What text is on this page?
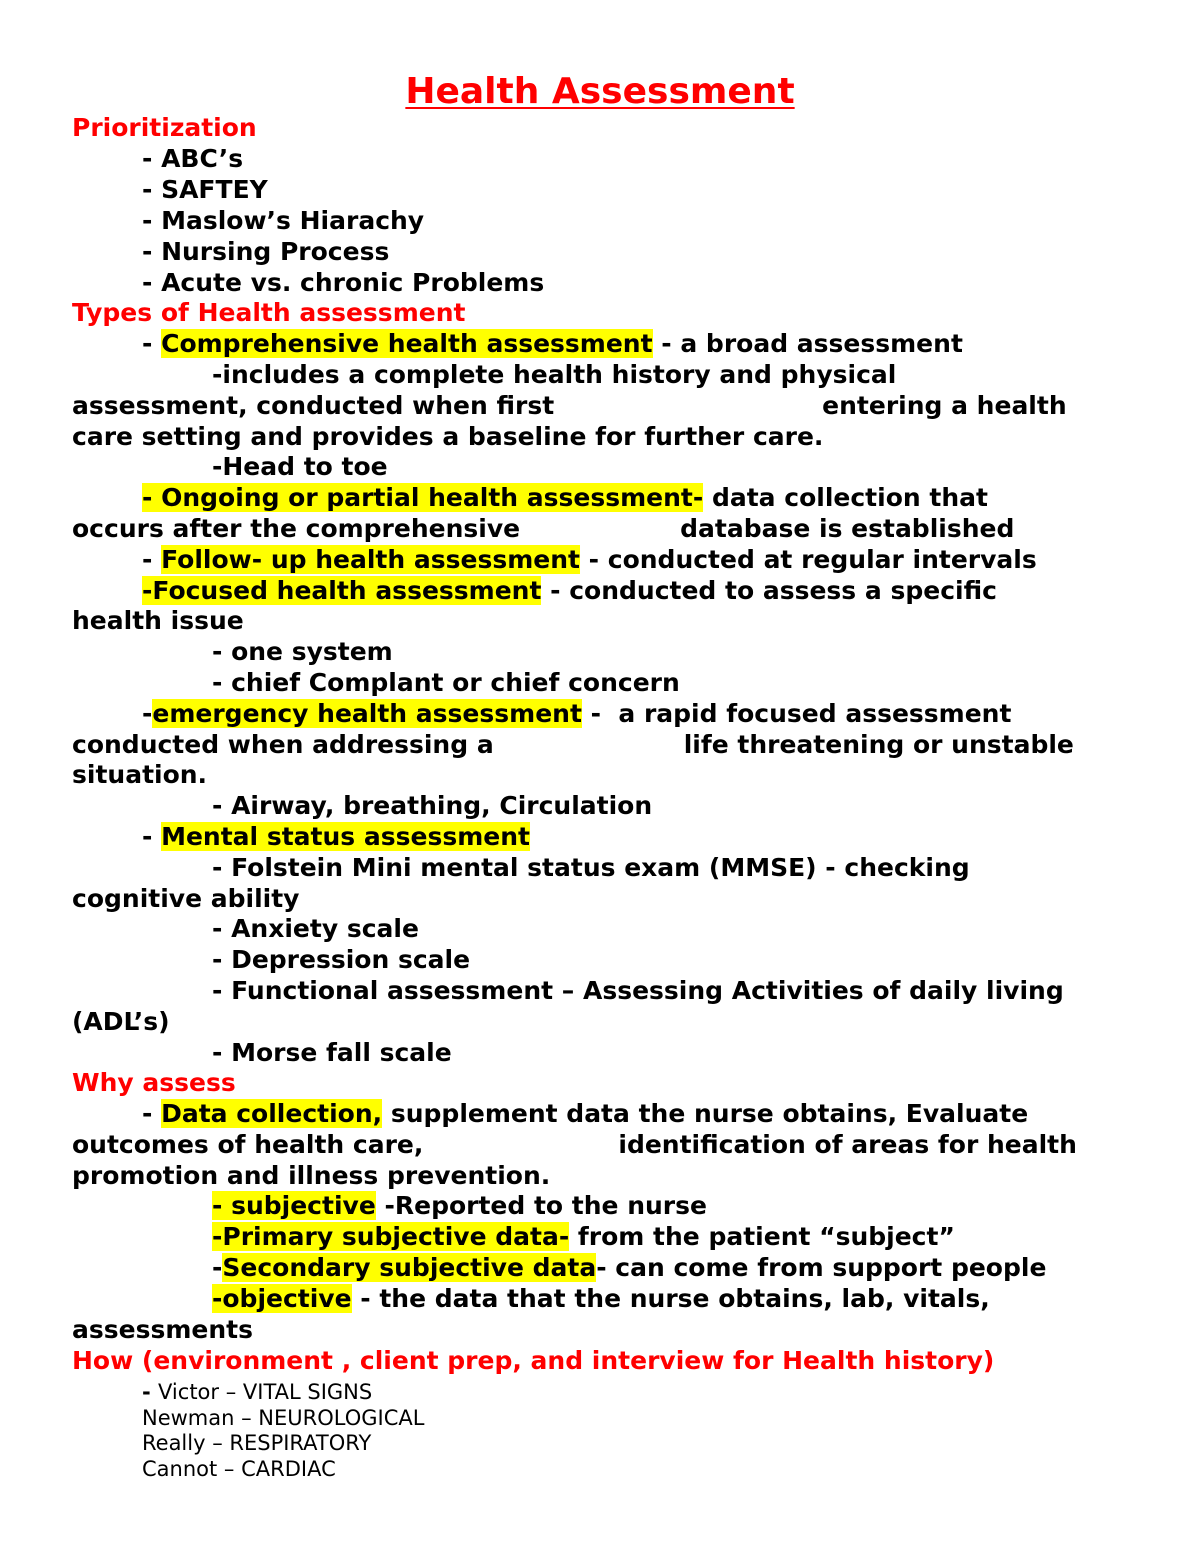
Health Assessment

Prioritization

- ABC’s

- SAFTEY

- Maslow’s Hiarachy

- Nursing Process

- Acute vs. chronic Problems

Types of Health assessment

- Comprehensive health assessment - a broad assessment

-includes a complete health history and physical

assessment, conducted when first	entering a health

care setting and provides a baseline for further care.

-Head to toe

- Ongoing or partial health assessment- data collection that

occurs after the comprehensive	database is established

- Follow- up health assessment - conducted at regular intervals

-Focused health assessment - conducted to assess a specific

health issue

- one system

- chief Complant or chief concern

-emergency health assessment -  a rapid focused assessment

conducted when addressing a	life threatening or unstable

situation.

- Airway, breathing, Circulation

- Mental status assessment

- Folstein Mini mental status exam (MMSE) - checking

cognitive ability

- Anxiety scale

- Depression scale

- Functional assessment – Assessing Activities of daily living

(ADL’s)

- Morse fall scale

Why assess

- Data collection, supplement data the nurse obtains, Evaluate

outcomes of health care,	identification of areas for health

promotion and illness prevention.

- subjective -Reported to the nurse

-Primary subjective data- from the patient “subject”

-Secondary subjective data- can come from support people

-objective - the data that the nurse obtains, lab, vitals,

assessments

How (environment , client prep, and interview for Health history)

- Victor – VITAL SIGNS

Newman – NEUROLOGICAL

Really – RESPIRATORY

Cannot – CARDIAC
